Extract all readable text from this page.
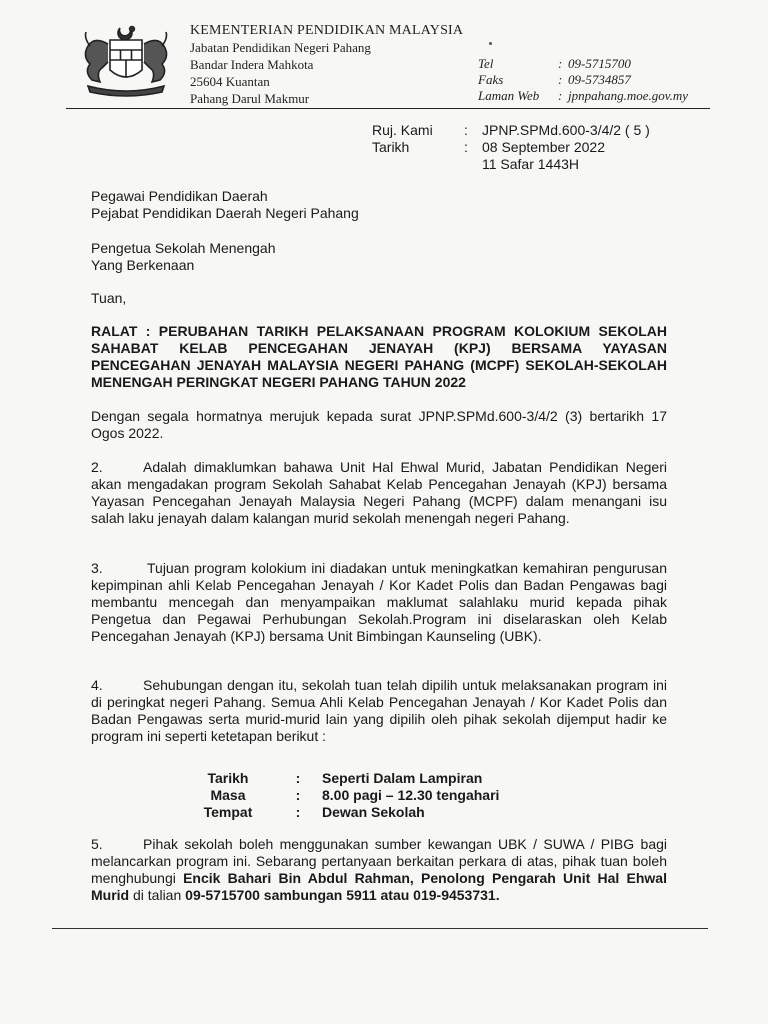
KEMENTERIAN PENDIDIKAN MALAYSIA
Jabatan Pendidikan Negeri Pahang
Bandar Indera Mahkota
25604 Kuantan
Pahang Darul Makmur
Tel	: 09-5715700
Faks	: 09-5734857
Laman Web	: jpnpahang.moe.gov.my
Ruj. Kami	:	JPNP.SPMd.600-3/4/2 ( 5 )
Tarikh	:	08 September 2022
11 Safar 1443H
Pegawai Pendidikan Daerah
Pejabat Pendidikan Daerah Negeri Pahang
Pengetua Sekolah Menengah
Yang Berkenaan
Tuan,
RALAT : PERUBAHAN TARIKH PELAKSANAAN PROGRAM KOLOKIUM SEKOLAH SAHABAT KELAB PENCEGAHAN JENAYAH (KPJ) BERSAMA YAYASAN PENCEGAHAN JENAYAH MALAYSIA NEGERI PAHANG (MCPF) SEKOLAH-SEKOLAH MENENGAH PERINGKAT NEGERI PAHANG TAHUN 2022
Dengan segala hormatnya merujuk kepada surat JPNP.SPMd.600-3/4/2 (3) bertarikh 17 Ogos 2022.
2.	Adalah dimaklumkan bahawa Unit Hal Ehwal Murid, Jabatan Pendidikan Negeri akan mengadakan program Sekolah Sahabat Kelab Pencegahan Jenayah (KPJ) bersama Yayasan Pencegahan Jenayah Malaysia Negeri Pahang (MCPF) dalam menangani isu salah laku jenayah dalam kalangan murid sekolah menengah negeri Pahang.
3.	Tujuan program kolokium ini diadakan untuk meningkatkan kemahiran pengurusan kepimpinan ahli Kelab Pencegahan Jenayah / Kor Kadet Polis dan Badan Pengawas bagi membantu mencegah dan menyampaikan maklumat salahlaku murid kepada pihak Pengetua dan Pegawai Perhubungan Sekolah.Program ini diselaraskan oleh Kelab Pencegahan Jenayah (KPJ) bersama Unit Bimbingan Kaunseling (UBK).
4.	Sehubungan dengan itu, sekolah tuan telah dipilih untuk melaksanakan program ini di peringkat negeri Pahang. Semua Ahli Kelab Pencegahan Jenayah / Kor Kadet Polis dan Badan Pengawas serta murid-murid lain yang dipilih oleh pihak sekolah dijemput hadir ke program ini seperti ketetapan berikut :
Tarikh	:	Seperti Dalam Lampiran
Masa	:	8.00 pagi – 12.30 tengahari
Tempat	:	Dewan Sekolah
5.	Pihak sekolah boleh menggunakan sumber kewangan UBK / SUWA / PIBG bagi melancarkan program ini. Sebarang pertanyaan berkaitan perkara di atas, pihak tuan boleh menghubungi Encik Bahari Bin Abdul Rahman, Penolong Pengarah Unit Hal Ehwal Murid di talian 09-5715700 sambungan 5911 atau 019-9453731.
